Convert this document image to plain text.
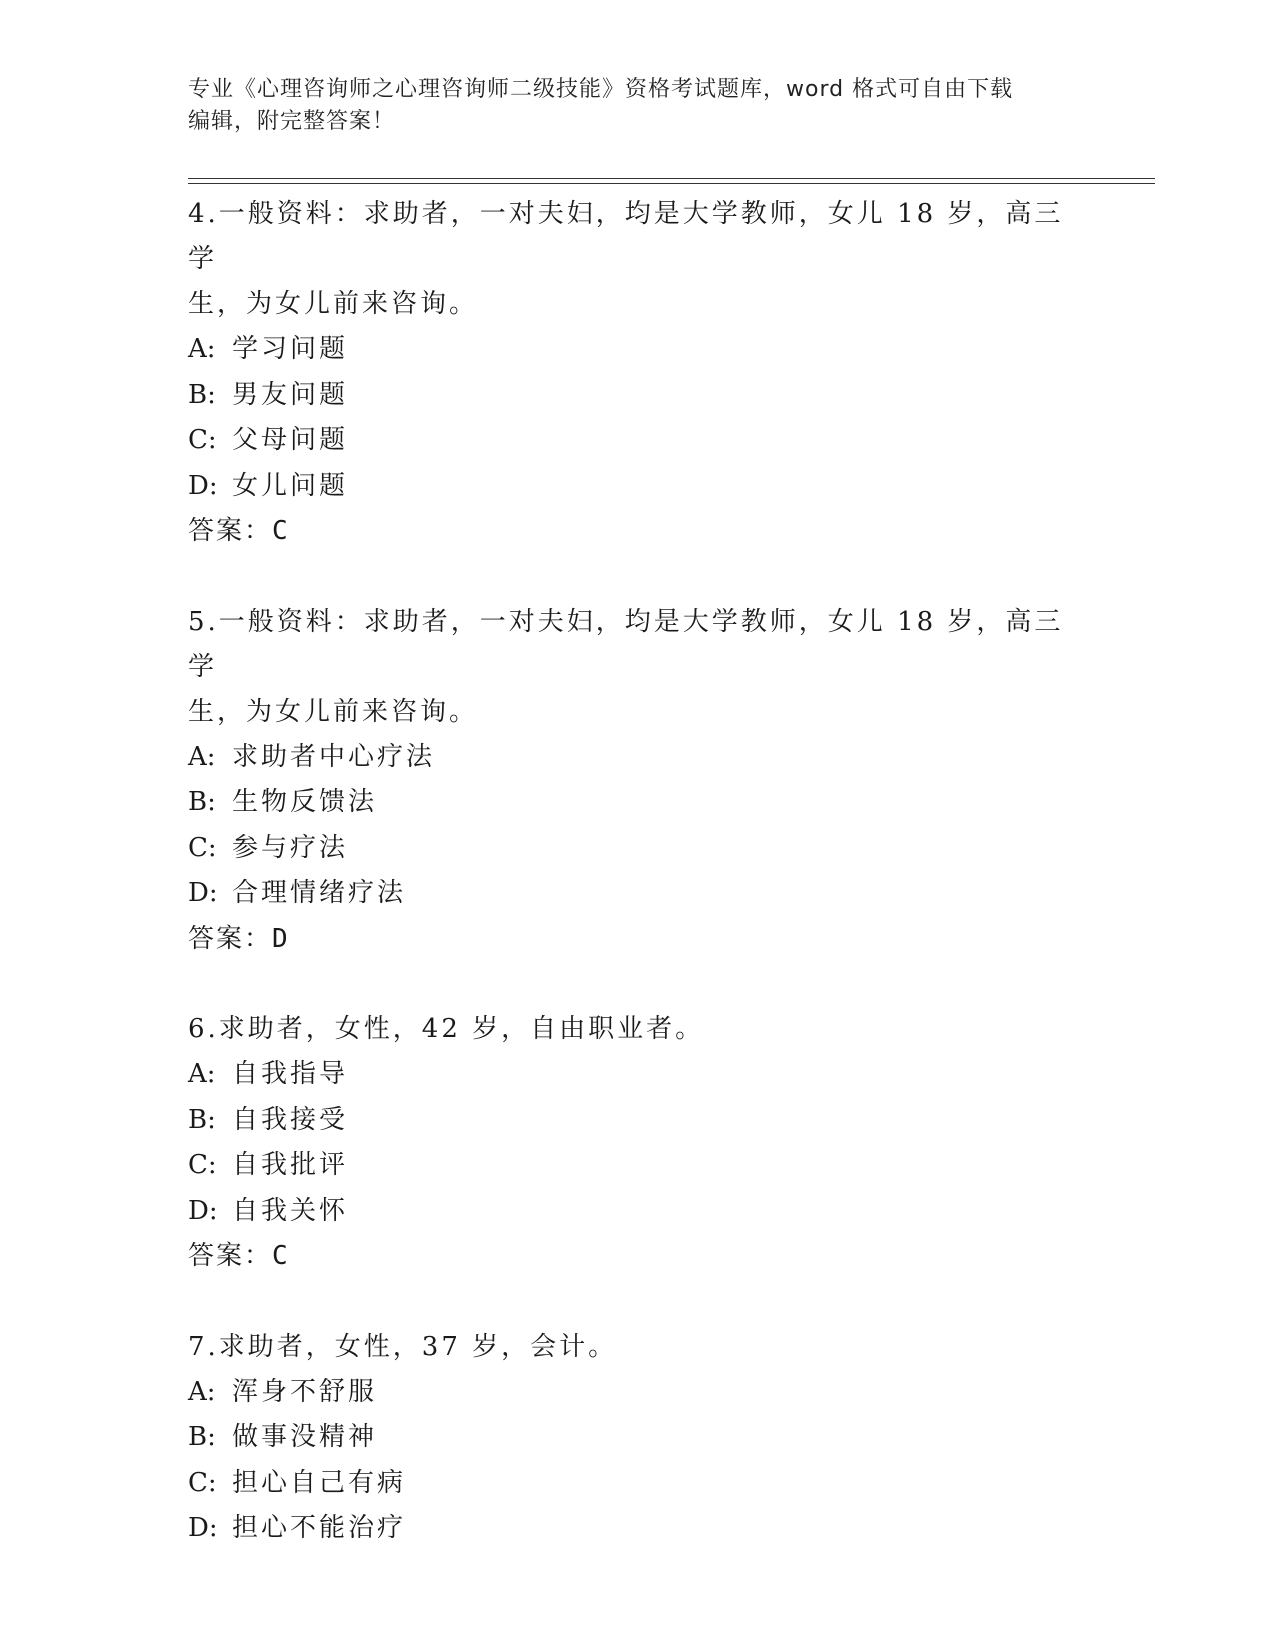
专业《心理咨询师之心理咨询师二级技能》资格考试题库，word 格式可自由下载
编辑，附完整答案！

4.一般资料：求助者，一对夫妇，均是大学教师，女儿 18 岁，高三学

生，为女儿前来咨询。

A: 学习问题

B: 男友问题

C: 父母问题

D: 女儿问题

答案：C

5.一般资料：求助者，一对夫妇，均是大学教师，女儿 18 岁，高三学

生，为女儿前来咨询。

A: 求助者中心疗法

B: 生物反馈法

C: 参与疗法

D: 合理情绪疗法

答案：D

6.求助者，女性，42 岁，自由职业者。

A: 自我指导

B: 自我接受

C: 自我批评

D: 自我关怀

答案：C

7.求助者，女性，37 岁，会计。

A: 浑身不舒服

B: 做事没精神

C: 担心自己有病

D: 担心不能治疗
